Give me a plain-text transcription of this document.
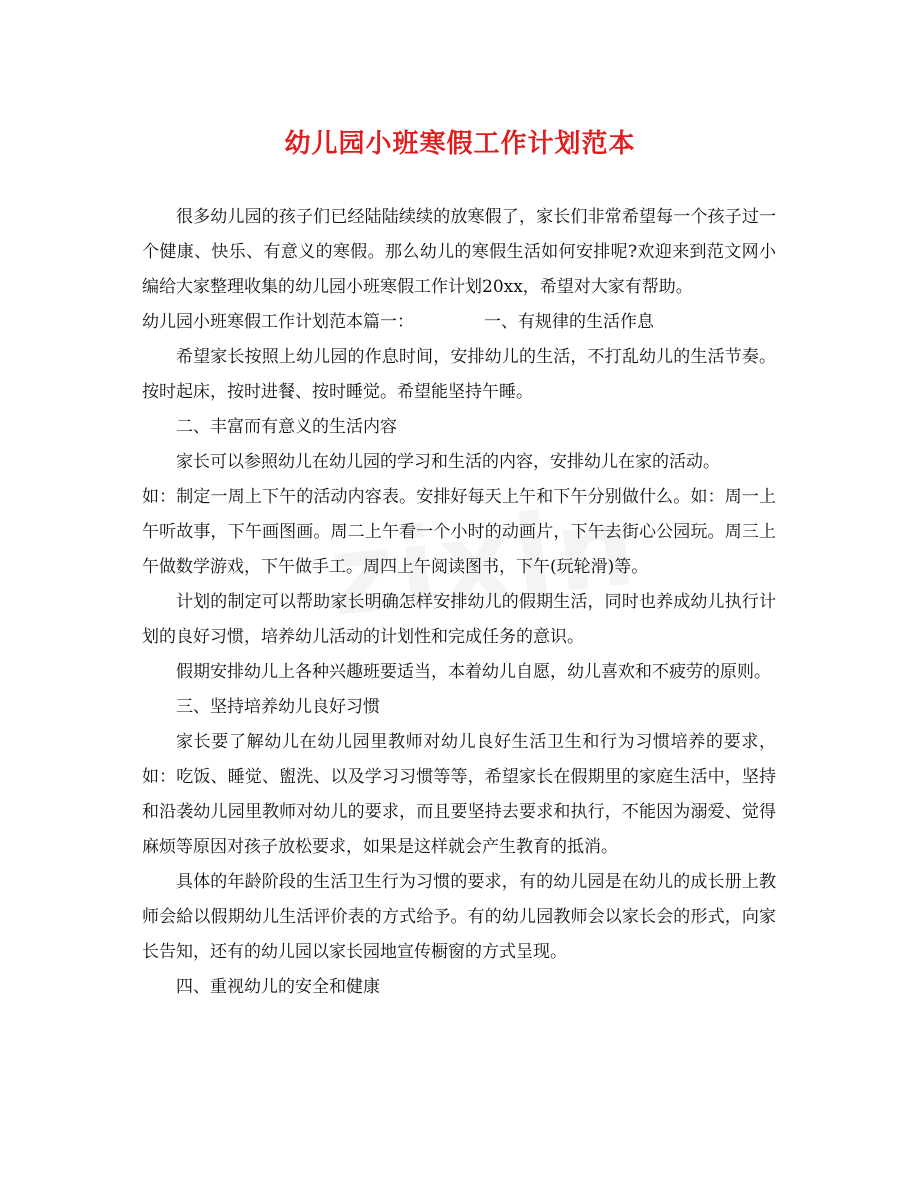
幼儿园小班寒假工作计划范本

很多幼儿园的孩子们已经陆陆续续的放寒假了，家长们非常希望每一个孩子过一个健康、快乐、有意义的寒假。那么幼儿的寒假生活如何安排呢?欢迎来到范文网小编给大家整理收集的幼儿园小班寒假工作计划20xx，希望对大家有帮助。

幼儿园小班寒假工作计划范本篇一：	一、有规律的生活作息

希望家长按照上幼儿园的作息时间，安排幼儿的生活，不打乱幼儿的生活节奏。按时起床，按时进餐、按时睡觉。希望能坚持午睡。

二、丰富而有意义的生活内容

家长可以参照幼儿在幼儿园的学习和生活的内容，安排幼儿在家的活动。

如：制定一周上下午的活动内容表。安排好每天上午和下午分别做什么。如：周一上午听故事，下午画图画。周二上午看一个小时的动画片，下午去街心公园玩。周三上午做数学游戏，下午做手工。周四上午阅读图书，下午(玩轮滑)等。

计划的制定可以帮助家长明确怎样安排幼儿的假期生活，同时也养成幼儿执行计划的良好习惯，培养幼儿活动的计划性和完成任务的意识。

假期安排幼儿上各种兴趣班要适当，本着幼儿自愿，幼儿喜欢和不疲劳的原则。

三、坚持培养幼儿良好习惯

家长要了解幼儿在幼儿园里教师对幼儿良好生活卫生和行为习惯培养的要求，如：吃饭、睡觉、盥洗、以及学习习惯等等，希望家长在假期里的家庭生活中，坚持和沿袭幼儿园里教师对幼儿的要求，而且要坚持去要求和执行，不能因为溺爱、觉得麻烦等原因对孩子放松要求，如果是这样就会产生教育的抵消。

具体的年龄阶段的生活卫生行为习惯的要求，有的幼儿园是在幼儿的成长册上教师会給以假期幼儿生活评价表的方式给予。有的幼儿园教师会以家长会的形式，向家长告知，还有的幼儿园以家长园地宣传橱窗的方式呈现。

四、重视幼儿的安全和健康
